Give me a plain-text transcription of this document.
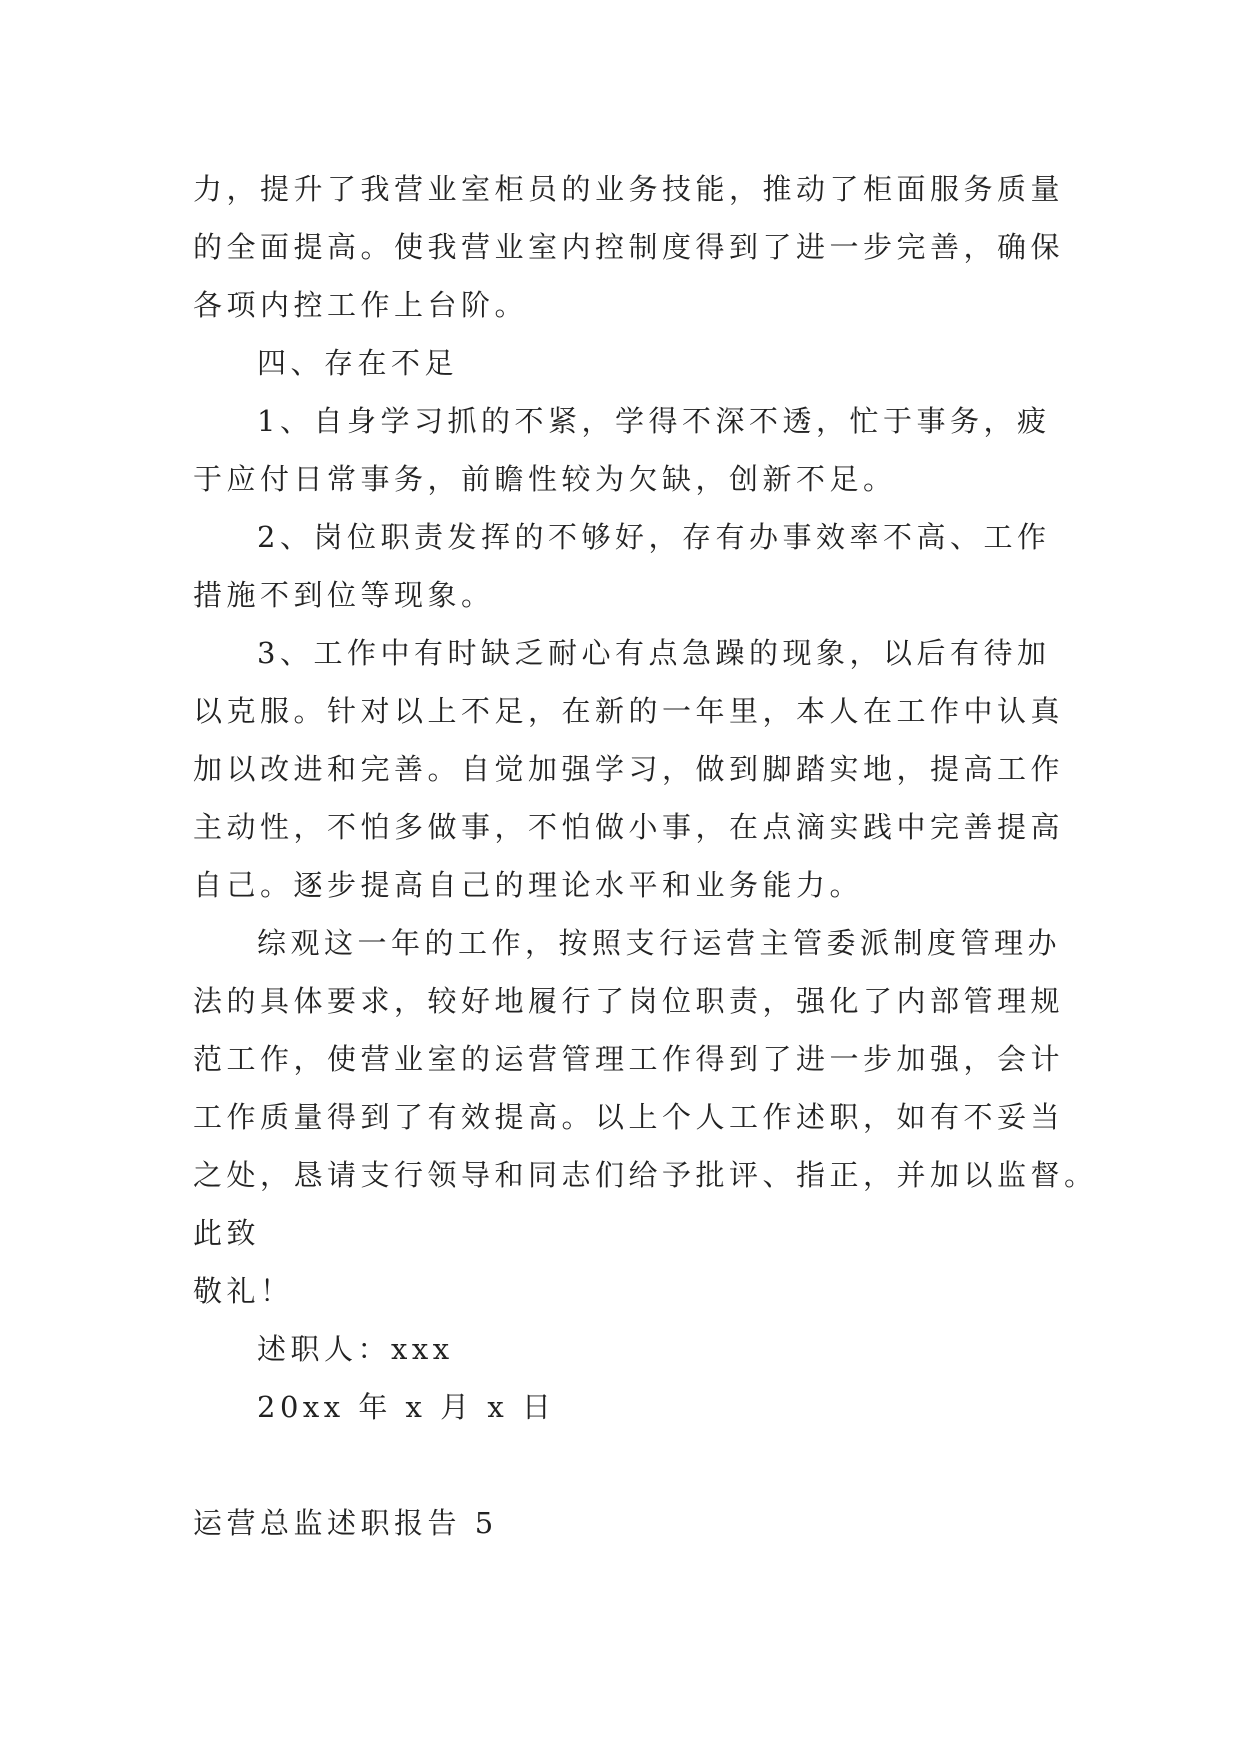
力，提升了我营业室柜员的业务技能，推动了柜面服务质量
的全面提高。使我营业室内控制度得到了进一步完善，确保
各项内控工作上台阶。
四、存在不足
1、自身学习抓的不紧，学得不深不透，忙于事务，疲
于应付日常事务，前瞻性较为欠缺，创新不足。
2、岗位职责发挥的不够好，存有办事效率不高、工作
措施不到位等现象。
3、工作中有时缺乏耐心有点急躁的现象，以后有待加
以克服。针对以上不足，在新的一年里，本人在工作中认真
加以改进和完善。自觉加强学习，做到脚踏实地，提高工作
主动性，不怕多做事，不怕做小事，在点滴实践中完善提高
自己。逐步提高自己的理论水平和业务能力。
综观这一年的工作，按照支行运营主管委派制度管理办
法的具体要求，较好地履行了岗位职责，强化了内部管理规
范工作，使营业室的运营管理工作得到了进一步加强，会计
工作质量得到了有效提高。以上个人工作述职，如有不妥当
之处，恳请支行领导和同志们给予批评、指正，并加以监督。
此致
敬礼！
述职人：xxx
20xx 年 x 月 x 日
运营总监述职报告 5
